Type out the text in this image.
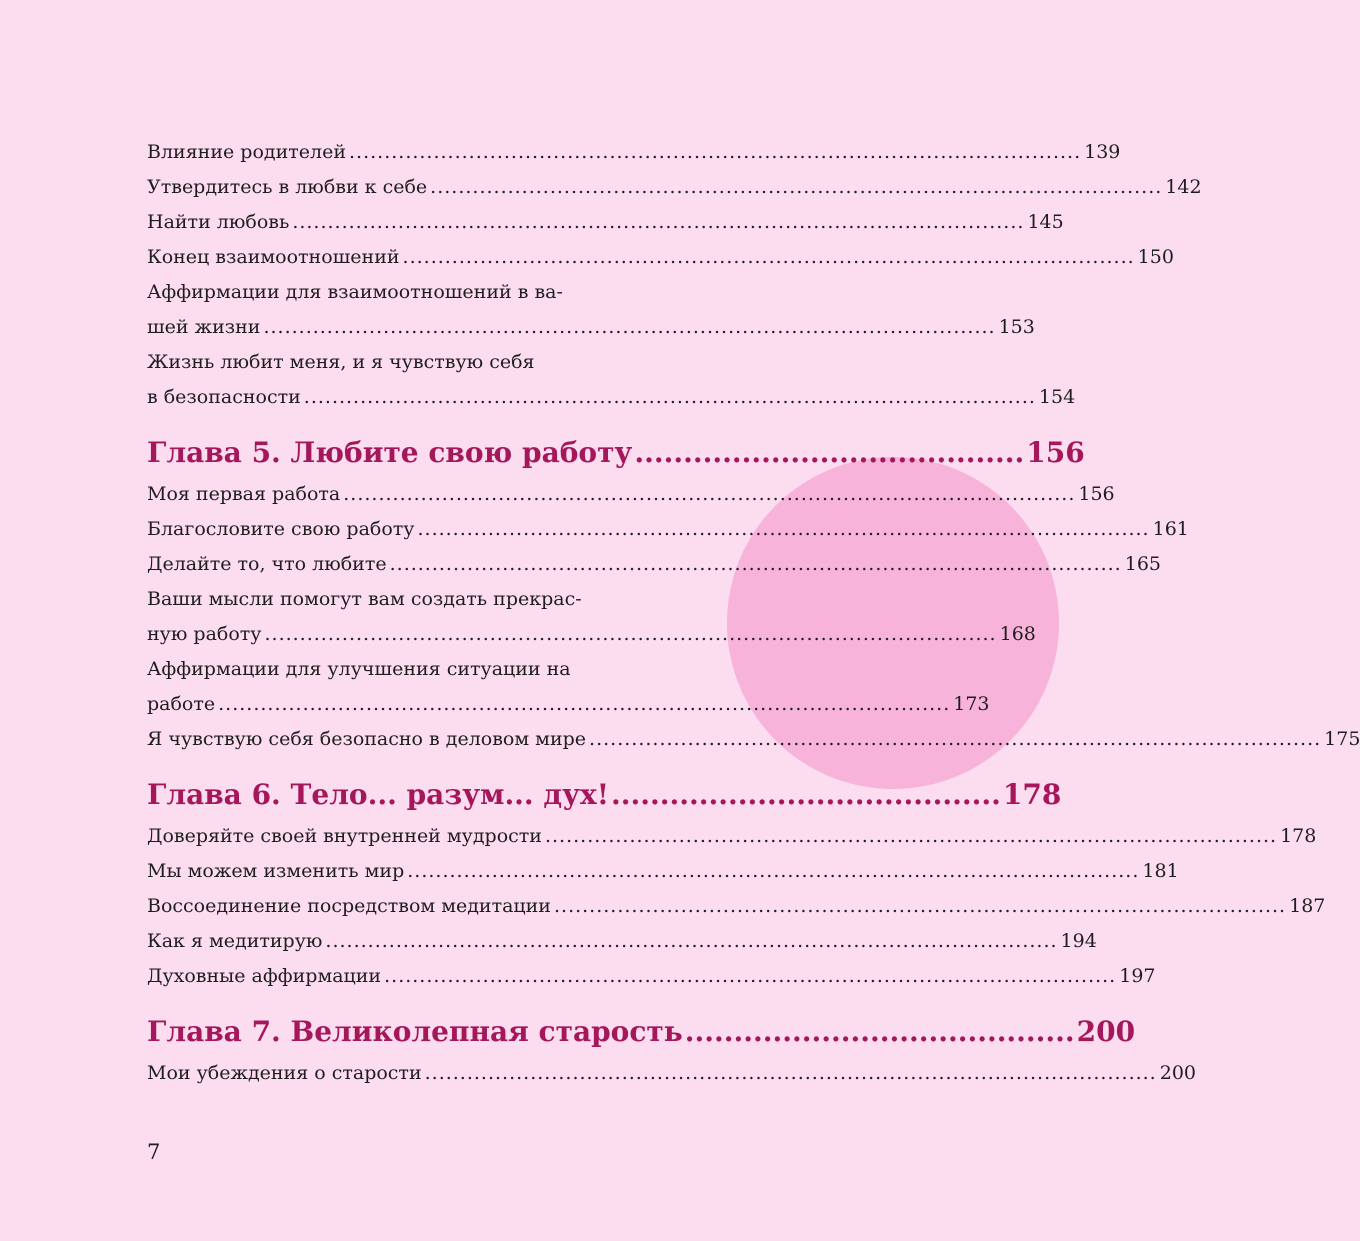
Влияние родителей ........................................................................................................ 139
Утвердитесь в любви к себе ........................................................................................................ 142
Найти любовь ........................................................................................................ 145
Конец взаимоотношений ........................................................................................................ 150
Аффирмации для взаимоотношений в ва-
шей жизни ........................................................................................................ 153
Жизнь любит меня, и я чувствую себя
в безопасности ........................................................................................................ 154
Глава 5. Любите свою работу ........................................ 156
Моя первая работа ........................................................................................................ 156
Благословите свою работу ........................................................................................................ 161
Делайте то, что любите ........................................................................................................ 165
Ваши мысли помогут вам создать прекрас-
ную работу ........................................................................................................ 168
Аффирмации для улучшения ситуации на
работе ........................................................................................................ 173
Я чувствую себя безопасно в деловом мире ........................................................................................................ 175
Глава 6. Тело... разум... дух! ........................................ 178
Доверяйте своей внутренней мудрости ........................................................................................................ 178
Мы можем изменить мир ........................................................................................................ 181
Воссоединение посредством медитации ........................................................................................................ 187
Как я медитирую ........................................................................................................ 194
Духовные аффирмации ........................................................................................................ 197
Глава 7. Великолепная старость ........................................ 200
Мои убеждения о старости ........................................................................................................ 200
7
